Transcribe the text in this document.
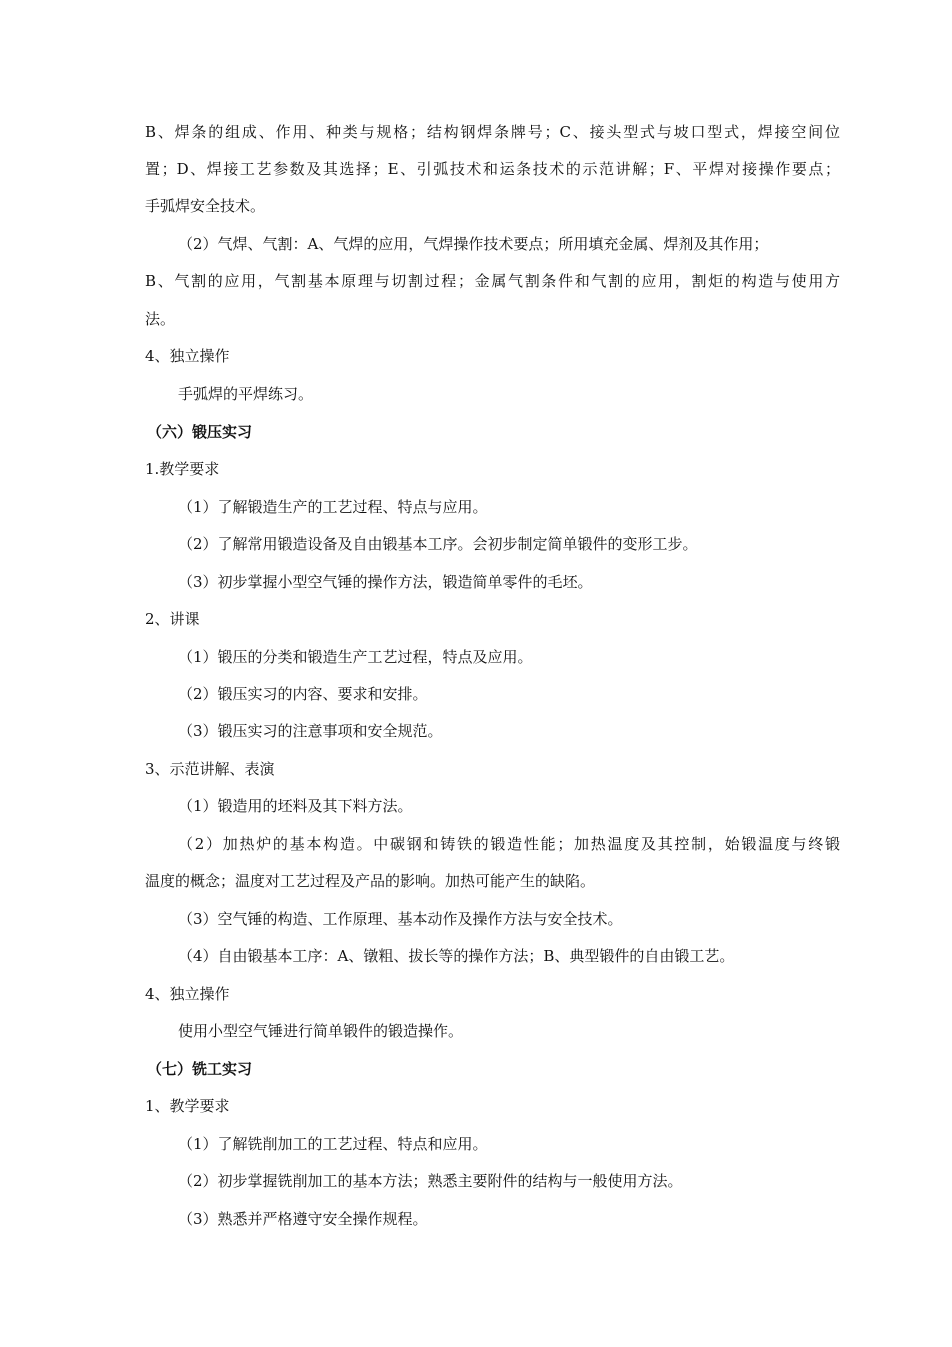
B、焊条的组成、作用、种类与规格；结构钢焊条牌号；C、接头型式与坡口型式，焊接空间位
置；D、焊接工艺参数及其选择；E、引弧技术和运条技术的示范讲解；F、平焊对接操作要点；
手弧焊安全技术。
（2）气焊、气割：A、气焊的应用，气焊操作技术要点；所用填充金属、焊剂及其作用；
B、气割的应用，气割基本原理与切割过程；金属气割条件和气割的应用，割炬的构造与使用方
法。
4、独立操作
手弧焊的平焊练习。
（六）锻压实习
1.教学要求
（1）了解锻造生产的工艺过程、特点与应用。
（2）了解常用锻造设备及自由锻基本工序。会初步制定简单锻件的变形工步。
（3）初步掌握小型空气锤的操作方法，锻造简单零件的毛坯。
2、讲课
（1）锻压的分类和锻造生产工艺过程，特点及应用。
（2）锻压实习的内容、要求和安排。
（3）锻压实习的注意事项和安全规范。
3、示范讲解、表演
（1）锻造用的坯料及其下料方法。
（2）加热炉的基本构造。中碳钢和铸铁的锻造性能；加热温度及其控制，始锻温度与终锻
温度的概念；温度对工艺过程及产品的影响。加热可能产生的缺陷。
（3）空气锤的构造、工作原理、基本动作及操作方法与安全技术。
（4）自由锻基本工序：A、镦粗、拔长等的操作方法；B、典型锻件的自由锻工艺。
4、独立操作
使用小型空气锤进行简单锻件的锻造操作。
（七）铣工实习
1、教学要求
（1）了解铣削加工的工艺过程、特点和应用。
（2）初步掌握铣削加工的基本方法；熟悉主要附件的结构与一般使用方法。
（3）熟悉并严格遵守安全操作规程。
